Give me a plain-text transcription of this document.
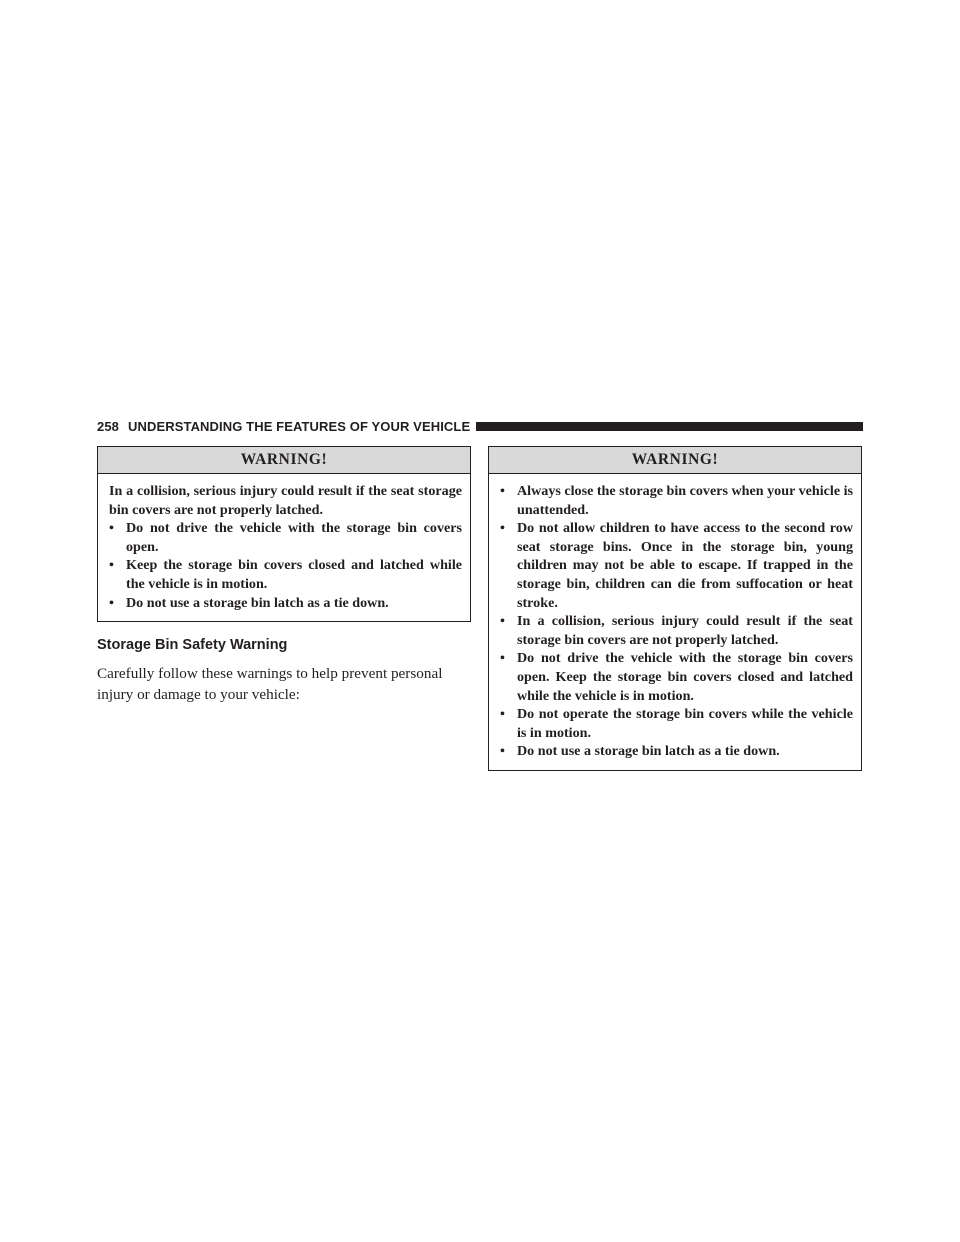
258 UNDERSTANDING THE FEATURES OF YOUR VEHICLE
WARNING!

In a collision, serious injury could result if the seat storage bin covers are not properly latched.

• Do not drive the vehicle with the storage bin covers open.
• Keep the storage bin covers closed and latched while the vehicle is in motion.
• Do not use a storage bin latch as a tie down.
Storage Bin Safety Warning
Carefully follow these warnings to help prevent personal injury or damage to your vehicle:
WARNING!
• Always close the storage bin covers when your vehicle is unattended.
• Do not allow children to have access to the second row seat storage bins. Once in the storage bin, young children may not be able to escape. If trapped in the storage bin, children can die from suffocation or heat stroke.
• In a collision, serious injury could result if the seat storage bin covers are not properly latched.
• Do not drive the vehicle with the storage bin covers open. Keep the storage bin covers closed and latched while the vehicle is in motion.
• Do not operate the storage bin covers while the vehicle is in motion.
• Do not use a storage bin latch as a tie down.
